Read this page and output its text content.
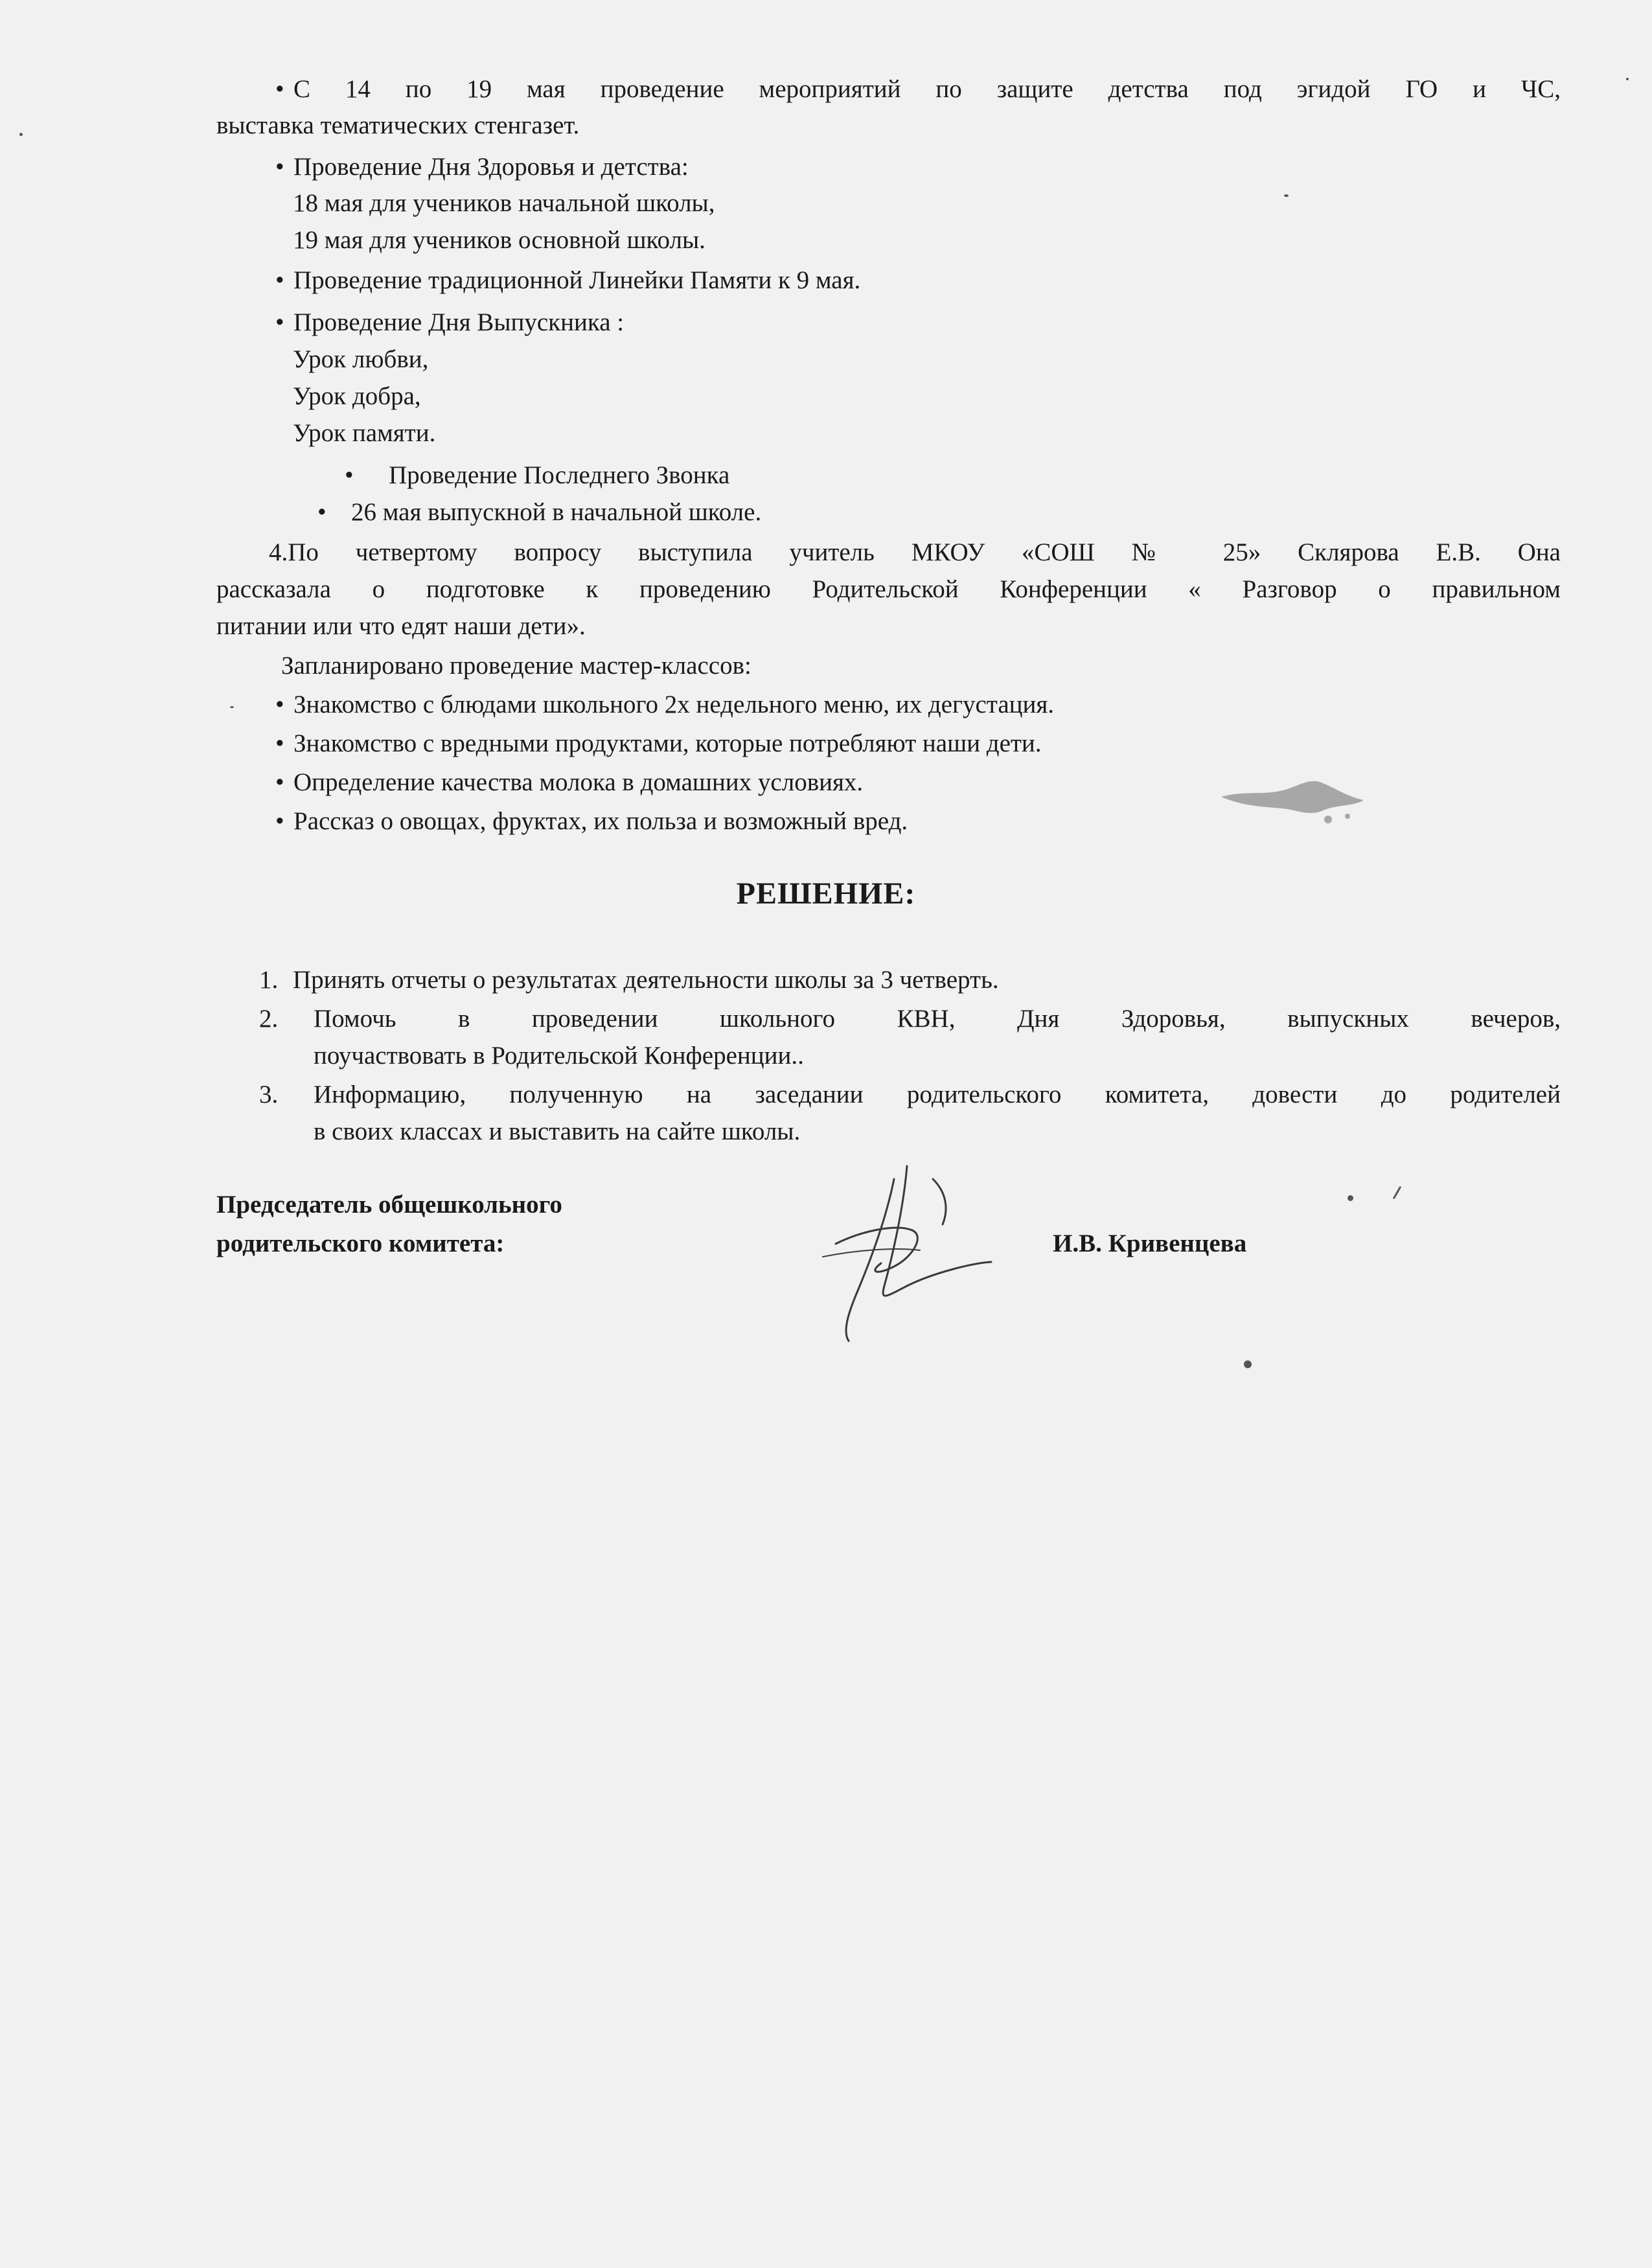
• С 14 по 19 мая проведение мероприятий по защите детства под эгидой ГО и ЧС,
выставка тематических стенгазет.
• Проведение Дня Здоровья и детства:
18 мая для учеников начальной школы,
19 мая для учеников основной школы.
• Проведение традиционной Линейки Памяти к 9 мая.
• Проведение Дня Выпускника :
Урок любви,
Урок добра,
Урок памяти.
• Проведение Последнего Звонка
• 26 мая выпускной в начальной школе.
4.По четвертому вопросу выступила учитель МКОУ «СОШ № 25» Склярова Е.В. Она
рассказала о подготовке к проведению Родительской Конференции « Разговор о правильном
питании или что едят наши дети».
Запланировано проведение мастер-классов:
• Знакомство с блюдами школьного 2х недельного меню, их дегустация.
• Знакомство с вредными продуктами, которые потребляют наши дети.
• Определение качества молока в домашних условиях.
• Рассказ о овощах, фруктах, их польза и возможный вред.
РЕШЕНИЕ:
1. Принять отчеты о результатах деятельности школы за 3 четверть.
2. Помочь в проведении школьного КВН, Дня Здоровья, выпускных вечеров,
поучаствовать в Родительской Конференции..
3. Информацию, полученную на заседании родительского комитета, довести до родителей
в своих классах и выставить на сайте школы.
Председатель общешкольного
родительского комитета:	И.В. Кривенцева
